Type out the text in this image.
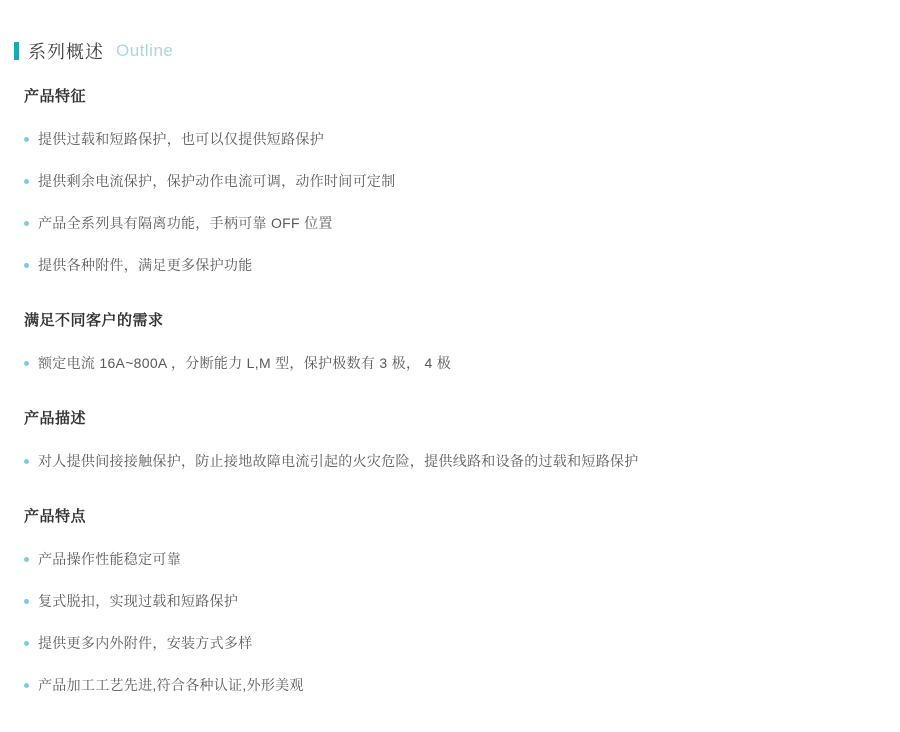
系列概述 Outline
产品特征
提供过载和短路保护，也可以仅提供短路保护
提供剩余电流保护，保护动作电流可调，动作时间可定制
产品全系列具有隔离功能，手柄可靠 OFF 位置
提供各种附件，满足更多保护功能
满足不同客户的需求
额定电流 16A~800A ，分断能力 L,M 型，保护极数有 3 极， 4 极
产品描述
对人提供间接接触保护，防止接地故障电流引起的火灾危险，提供线路和设备的过载和短路保护
产品特点
产品操作性能稳定可靠
复式脱扣，实现过载和短路保护
提供更多内外附件，安装方式多样
产品加工工艺先进,符合各种认证,外形美观
